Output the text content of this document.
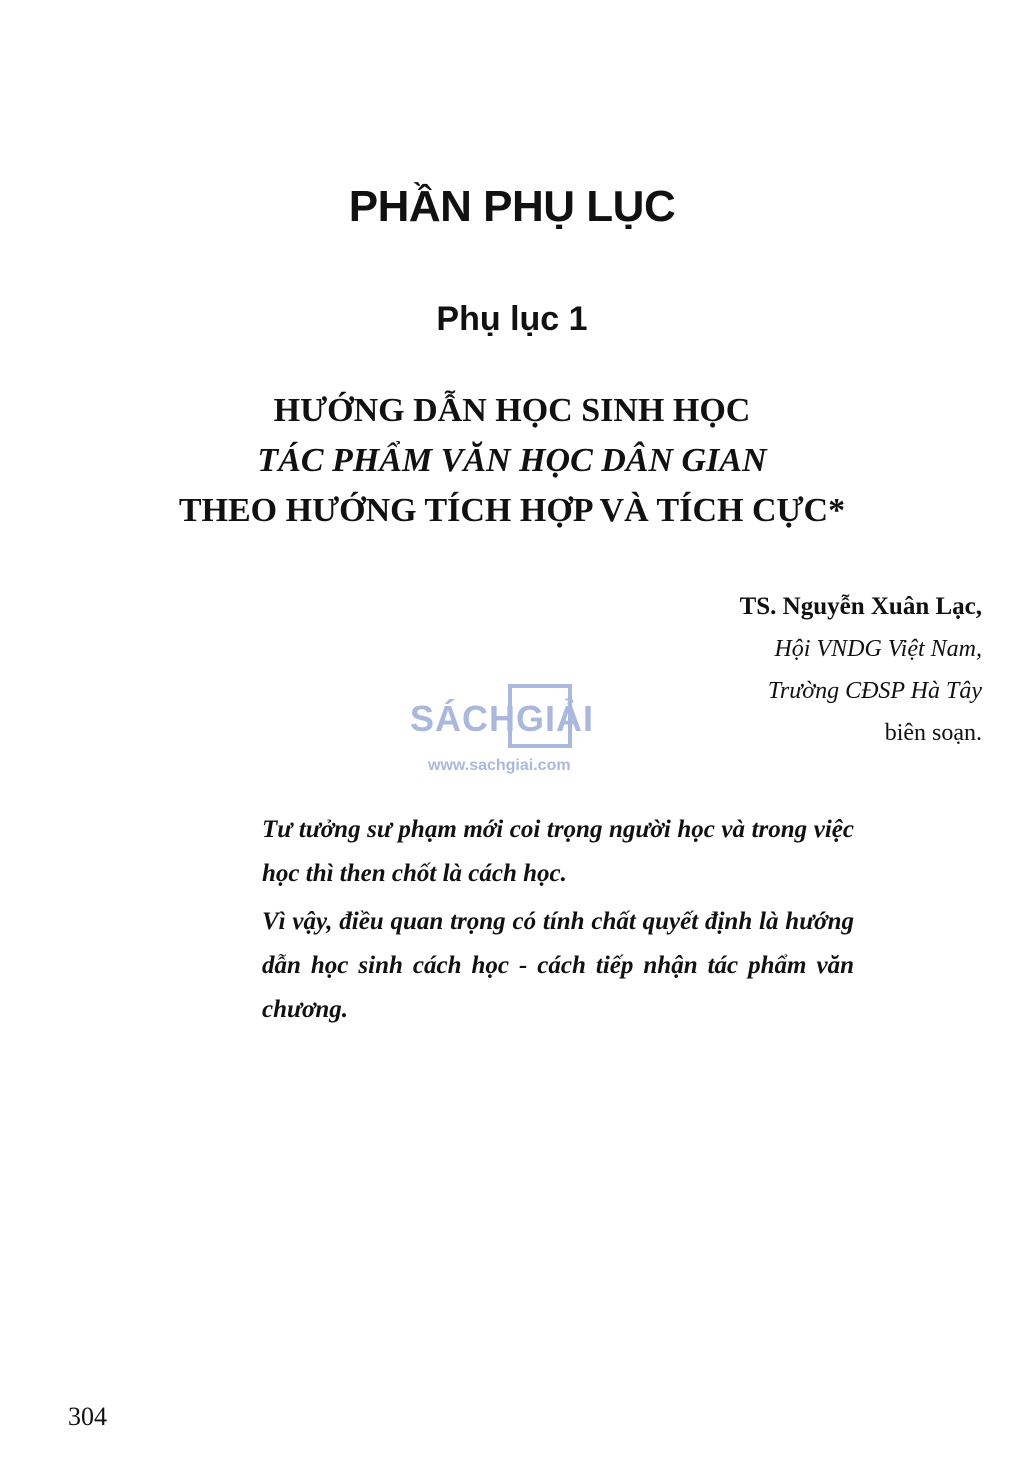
PHẦN PHỤ LỤC
Phụ lục 1
HƯỚNG DẪN HỌC SINH HỌC
TÁC PHẨM VĂN HỌC DÂN GIAN
THEO HƯỚNG TÍCH HỢP VÀ TÍCH CỰC*
TS. Nguyễn Xuân Lạc,
Hội VNDG Việt Nam,
Trường CĐSP Hà Tây
biên soạn.
SÁCHGIẢI
www.sachgiai.com

Tư tưởng sư phạm mới coi trọng người học và trong việc học thì then chốt là cách học.

Vì vậy, điều quan trọng có tính chất quyết định là hướng dẫn học sinh cách học - cách tiếp nhận tác phẩm văn chương.

304
